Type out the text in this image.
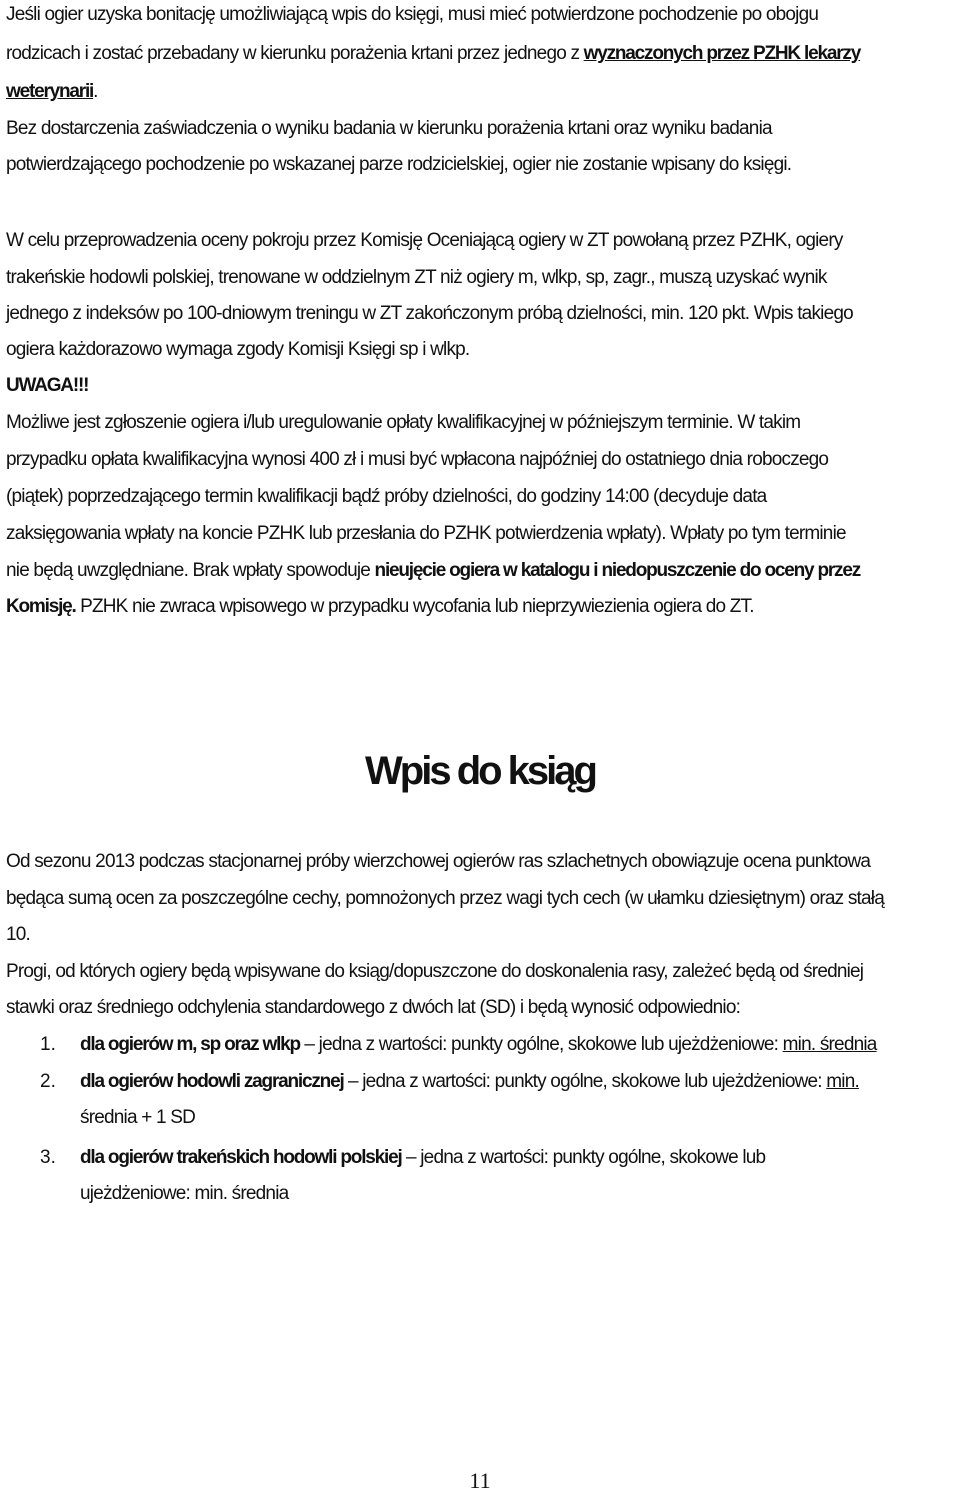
Jeśli ogier uzyska bonitację umożliwiającą wpis do księgi, musi mieć potwierdzone pochodzenie po obojgu
rodzicach i zostać przebadany w kierunku porażenia krtani przez jednego z wyznaczonych przez PZHK lekarzy
weterynarii.
Bez dostarczenia zaświadczenia o wyniku badania w kierunku porażenia krtani oraz wyniku badania
potwierdzającego pochodzenie po wskazanej parze rodzicielskiej, ogier nie zostanie wpisany do księgi.
W celu przeprowadzenia oceny pokroju przez Komisję Oceniającą ogiery w ZT powołaną przez PZHK, ogiery
trakeńskie hodowli polskiej, trenowane w oddzielnym ZT niż ogiery m, wlkp, sp, zagr., muszą uzyskać wynik
jednego z indeksów po 100-dniowym treningu w ZT zakończonym próbą dzielności, min. 120 pkt. Wpis takiego
ogiera każdorazowo wymaga zgody Komisji Księgi sp i wlkp.
UWAGA!!!
Możliwe jest zgłoszenie ogiera i/lub uregulowanie opłaty kwalifikacyjnej w późniejszym terminie. W takim
przypadku opłata kwalifikacyjna wynosi 400 zł i musi być wpłacona najpóźniej do ostatniego dnia roboczego
(piątek) poprzedzającego termin kwalifikacji bądź próby dzielności, do godziny 14:00 (decyduje data
zaksięgowania wpłaty na koncie PZHK lub przesłania do PZHK potwierdzenia wpłaty). Wpłaty po tym terminie
nie będą uwzględniane. Brak wpłaty spowoduje nieujęcie ogiera w katalogu i niedopuszczenie do oceny przez
Komisję. PZHK nie zwraca wpisowego w przypadku wycofania lub nieprzywiezienia ogiera do ZT.
Wpis do ksiąg
Od sezonu 2013 podczas stacjonarnej próby wierzchowej ogierów ras szlachetnych obowiązuje ocena punktowa
będąca sumą ocen za poszczególne cechy, pomnożonych przez wagi tych cech (w ułamku dziesiętnym) oraz stałą
10.
Progi, od których ogiery będą wpisywane do ksiąg/dopuszczone do doskonalenia rasy, zależeć będą od średniej
stawki oraz średniego odchylenia standardowego z dwóch lat (SD) i będą wynosić odpowiednio:
1. dla ogierów m, sp oraz wlkp – jedna z wartości: punkty ogólne, skokowe lub ujeżdżeniowe: min. średnia
2. dla ogierów hodowli zagranicznej – jedna z wartości: punkty ogólne, skokowe lub ujeżdżeniowe: min.
średnia + 1 SD
3. dla ogierów trakeńskich hodowli polskiej – jedna z wartości: punkty ogólne, skokowe lub
ujeżdżeniowe: min. średnia
11
